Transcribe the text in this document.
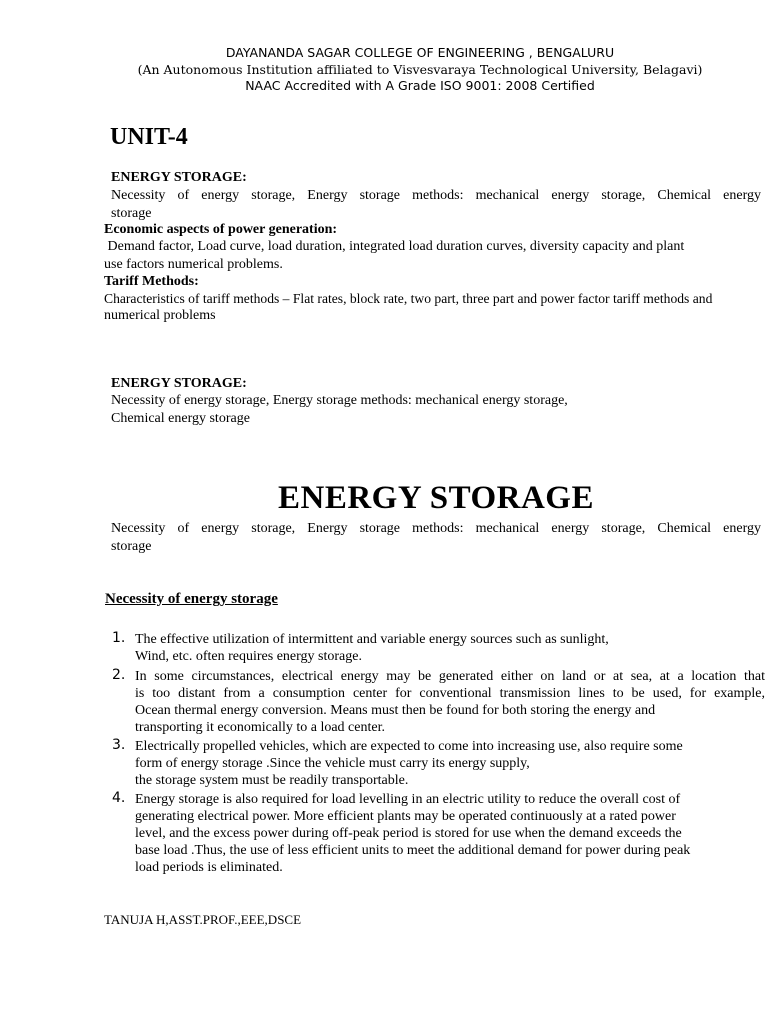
DAYANANDA SAGAR COLLEGE OF ENGINEERING , BENGALURU
(An Autonomous Institution affiliated to Visvesvaraya Technological University, Belagavi)
NAAC Accredited with A Grade ISO 9001: 2008 Certified
UNIT-4
ENERGY STORAGE:
Necessity of energy storage, Energy storage methods: mechanical energy storage, Chemical energy
storage
Economic aspects of power generation:
Demand factor, Load curve, load duration, integrated load duration curves, diversity capacity and plant
use factors numerical problems.
Tariff Methods:
Characteristics of tariff methods – Flat rates, block rate, two part, three part and power factor tariff methods and
numerical problems
ENERGY STORAGE:
Necessity of energy storage, Energy storage methods: mechanical energy storage,
Chemical energy storage
ENERGY STORAGE
Necessity of energy storage, Energy storage methods: mechanical energy storage, Chemical energy
storage
Necessity of energy storage
1. The effective utilization of intermittent and variable energy sources such as sunlight,
Wind, etc. often requires energy storage.
2. In some circumstances, electrical energy may be generated either on land or at sea, at a location that
is too distant from a consumption center for conventional transmission lines to be used, for example,
Ocean thermal energy conversion. Means must then be found for both storing the energy and
transporting it economically to a load center.
3. Electrically propelled vehicles, which are expected to come into increasing use, also require some
form of energy storage .Since the vehicle must carry its energy supply,
the storage system must be readily transportable.
4. Energy storage is also required for load levelling in an electric utility to reduce the overall cost of
generating electrical power. More efficient plants may be operated continuously at a rated power
level, and the excess power during off-peak period is stored for use when the demand exceeds the
base load .Thus, the use of less efficient units to meet the additional demand for power during peak
load periods is eliminated.
TANUJA H,ASST.PROF.,EEE,DSCE
